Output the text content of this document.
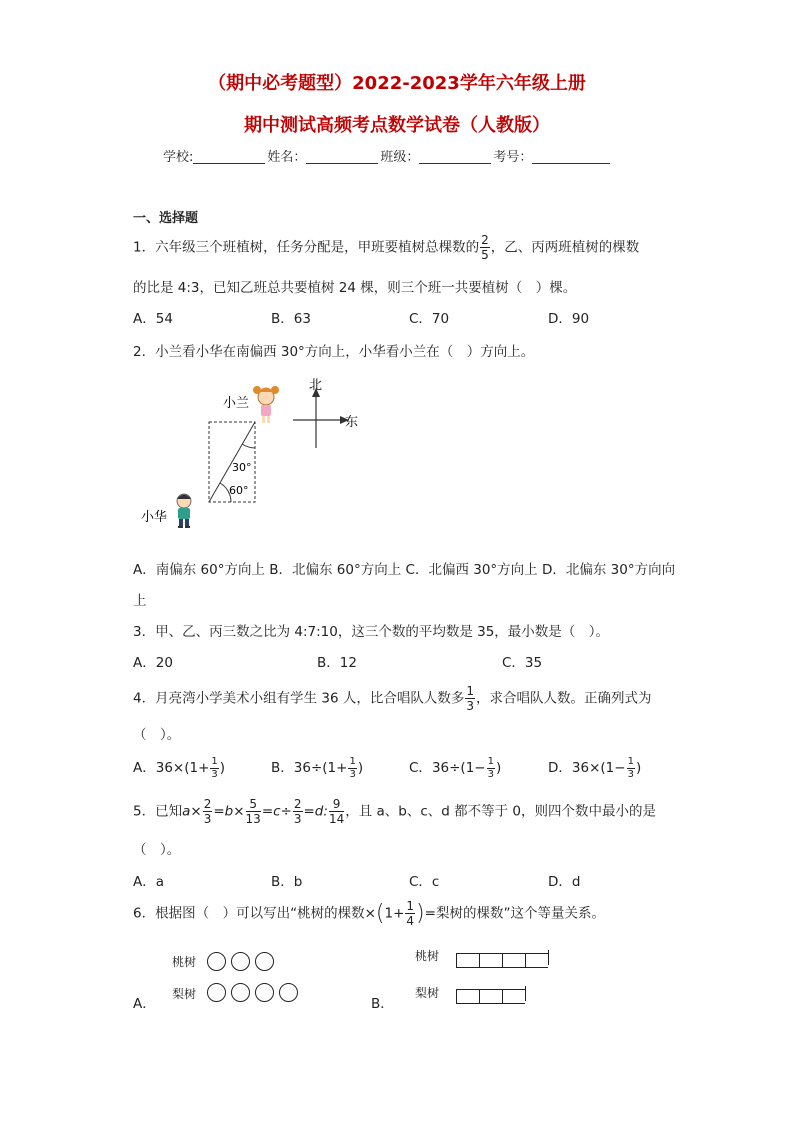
（期中必考题型）2022-2023学年六年级上册
期中测试高频考点数学试卷（人教版）
学校:	姓名：	班级：	考号：
一、选择题
1．六年级三个班植树，任务分配是，甲班要植树总棵数的 $\frac{2}{5}$ ，乙、丙两班植树的棵数
的比是 4:3，已知乙班总共要植树 24 棵，则三个班一共要植树（　）棵。
A．54	B．63	C．70	D．90
2．小兰看小华在南偏西 30°方向上，小华看小兰在（　）方向上。
30°
60°
北
东
小兰
小华
A．南偏东 60°方向上 B．北偏东 60°方向上 C．北偏西 30°方向上 D．北偏东 30°方向向
上
3．甲、乙、丙三数之比为 4:7:10，这三个数的平均数是 35，最小数是（　）。
A．20	B．12	C．35
4．月亮湾小学美术小组有学生 36 人，比合唱队人数多 $\frac{1}{3}$ ，求合唱队人数。正确列式为
（　）。
A．$36\times(1+ \frac{1}{3}$ )	B．$36\div(1+ \frac{1}{3}$ )	C．$36\div(1- \frac{1}{3}$ )	D．$36\times(1- \frac{1}{3}$ )
5．已知$a\times \frac{2}{3} =b\times \frac{5}{13} =c\div \frac{2}{3} =d$: $\frac{9}{14}$ ，且 a、b、c、d 都不等于 0，则四个数中最小的是
（　）。
A．a	B．b	C．c	D．d
6．根据图（　）可以写出“桃树的棵数$\times(1+ \frac{1}{4}$ )=梨树的棵数”这个等量关系。
桃树
梨树
A．
桃树
梨树
B．
